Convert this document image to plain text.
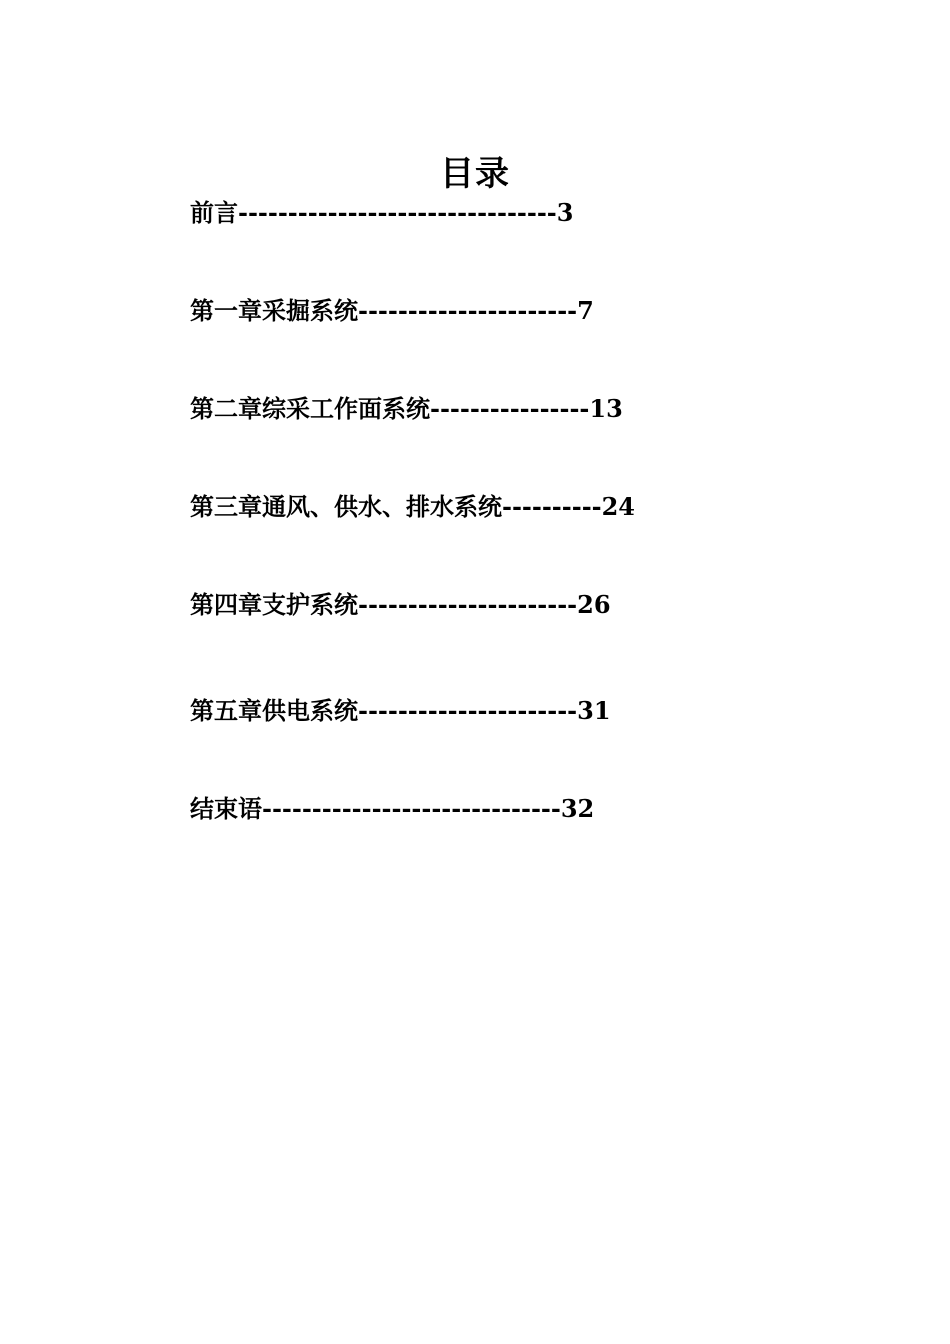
目录
前言--------------------------------3
第一章采掘系统----------------------7
第二章综采工作面系统----------------13
第三章通风、供水、排水系统----------24
第四章支护系统----------------------26
第五章供电系统----------------------31
结束语------------------------------32
